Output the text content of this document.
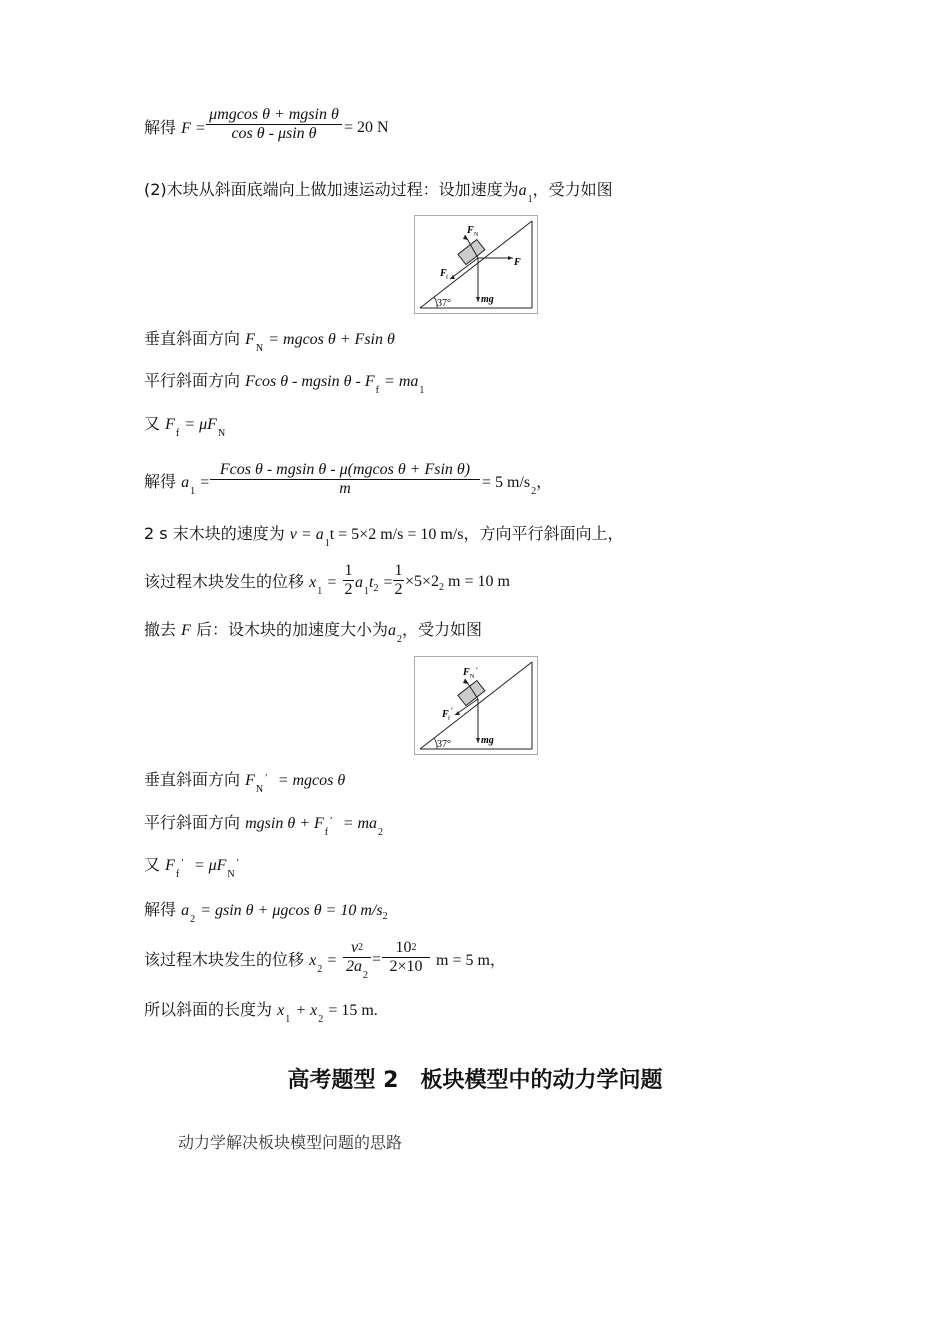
解得 F =
μmgcos θ + mgsin θ
cos θ - μsin θ	= 20 N
(2)木块从斜面底端向上做加速运动过程：设加速度为$a_1$，受力如图
F N
F
F f
mg
37°
垂直斜面方向 $F_N = mgcos$ θ + Fsin θ
平行斜面方向 Fcos θ - mgsin $\theta - F_f = ma_1$
又 $F_f = \mu F_N$
解得 $a_1$ =
Fcos θ - mgsin θ - μ(mgcos θ + Fsin θ)
m	= 5 $m/s_2$，
2 s 末木块的速度为 $v = a_1t = 5\times 2$ m/s = 10 m/s，方向平行斜面向上，
该过程木块发生的位移 $x_1$ =
1
2 $a_1t_2$ =
1
$2 \times 5\times 2_2$ m = 10 m
撤去 F 后：设木块的加速度大小为$a_2$，受力如图
F N
′
F f
′
mg
37°
垂直斜面方向 $F_N' = mgcos$ θ
平行斜面方向 mgsin $\theta + F_f' = ma_2$
又 $F_f' = \mu F_N'$
解得 $a_2 = gsin$ θ + μgcos θ = 10 $m/s_2$
该过程木块发生的位移 $x_2$ =
v2
$2a_2$
=
102
2×10 m = 5 m，
所以斜面的长度为 $x_1 + x_2 = 15$ m.
高考题型 2　板块模型中的动力学问题
动力学解决板块模型问题的思路
